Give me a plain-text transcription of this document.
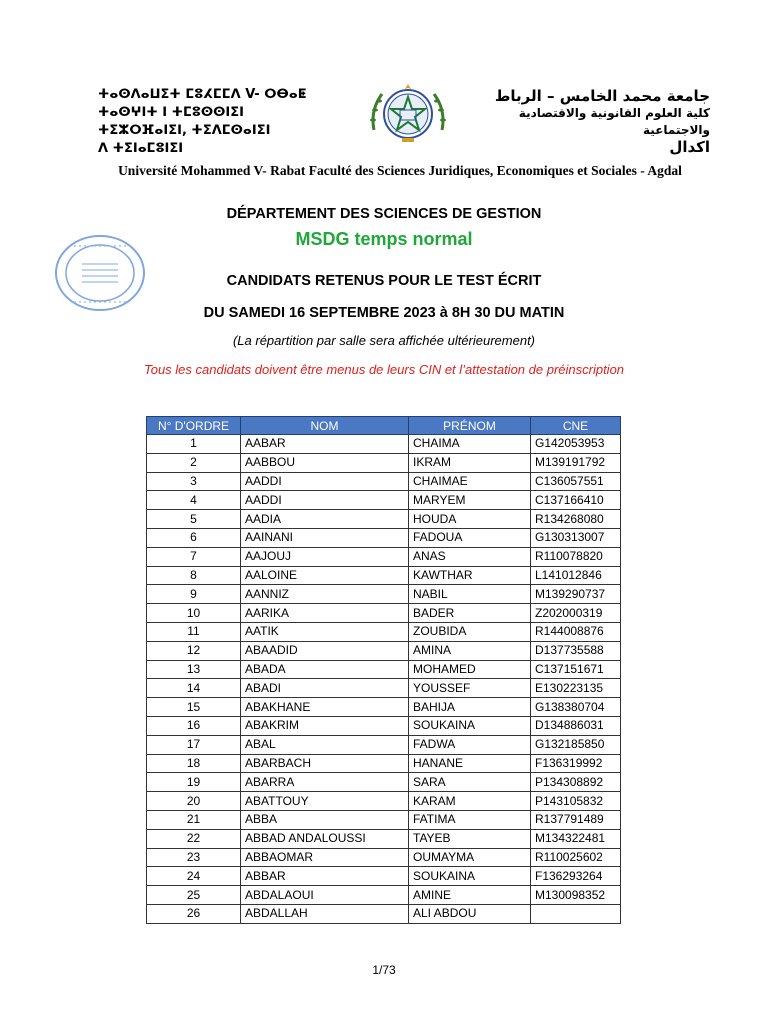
ⵜⴰⵙⴷⴰⵡⵉⵜ ⵎⵓⵃⵎⵎⴷ V- ⵔⴱⴰⵟ
ⵜⴰⵙⵖⵏⵜ ⵏ ⵜⵎⵓⵙⵙⵏⵉⵏ
ⵜⵉⵣⵔⴼⴰⵏⵉⵏ, ⵜⵉⴷⵎⵙⴰⵏⵉⵏ
ⴷ ⵜⵉⵏⴰⵎⵓⵏⵉⵏ
جامعة محمد الخامس – الرباط
كلية العلوم القانونية والاقتصادية والاجتماعية
اكدال
Université Mohammed V- Rabat Faculté des Sciences Juridiques, Economiques et Sociales - Agdal
DÉPARTEMENT DES SCIENCES DE GESTION
MSDG temps normal
CANDIDATS RETENUS POUR LE TEST ÉCRIT
DU SAMEDI 16 SEPTEMBRE 2023 à 8H 30 DU MATIN
(La répartition par salle sera affichée ultérieurement)
Tous les candidats doivent être menus de leurs CIN et l’attestation de préinscription
N° D'ORDRE	NOM	PRÉNOM	CNE
1	AABAR	CHAIMA	G142053953
2	AABBOU	IKRAM	M139191792
3	AADDI	CHAIMAE	C136057551
4	AADDI	MARYEM	C137166410
5	AADIA	HOUDA	R134268080
6	AAINANI	FADOUA	G130313007
7	AAJOUJ	ANAS	R110078820
8	AALOINE	KAWTHAR	L141012846
9	AANNIZ	NABIL	M139290737
10	AARIKA	BADER	Z202000319
11	AATIK	ZOUBIDA	R144008876
12	ABAADID	AMINA	D137735588
13	ABADA	MOHAMED	C137151671
14	ABADI	YOUSSEF	E130223135
15	ABAKHANE	BAHIJA	G138380704
16	ABAKRIM	SOUKAINA	D134886031
17	ABAL	FADWA	G132185850
18	ABARBACH	HANANE	F136319992
19	ABARRA	SARA	P134308892
20	ABATTOUY	KARAM	P143105832
21	ABBA	FATIMA	R137791489
22	ABBAD ANDALOUSSI	TAYEB	M134322481
23	ABBAOMAR	OUMAYMA	R110025602
24	ABBAR	SOUKAINA	F136293264
25	ABDALAOUI	AMINE	M130098352
26	ABDALLAH	ALI ABDOU	
1/73
